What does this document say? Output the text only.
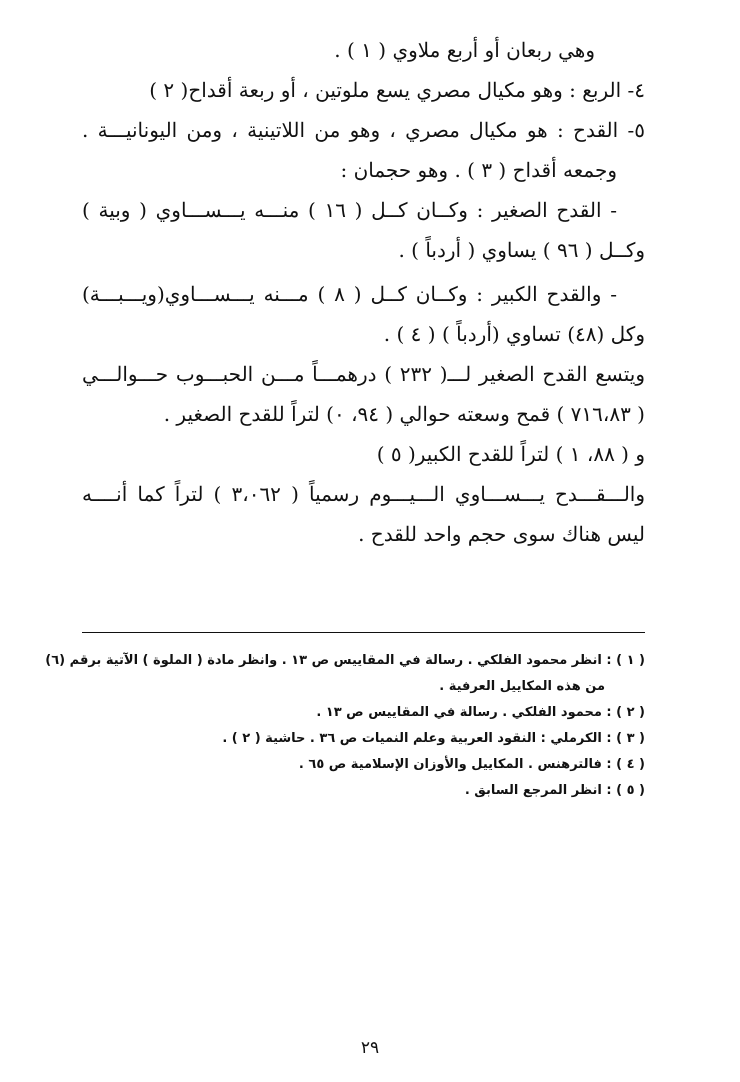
وهي ربعان أو أربع ملاوي ( ١ ) .
٤- الربع : وهو مكيال مصري يسع ملوتين ، أو ربعة أقداح( ٢ )
٥- القدح : هو مكيال مصري ، وهو من اللاتينية ، ومن اليونانيـــة .
وجمعه أقداح ( ٣ ) . وهو حجمان :
- القدح الصغير : وكــان كــل ( ١٦ ) منـــه يـــســـاوي ( وبية )
وكــل ( ٩٦ ) يساوي ( أردباً ) .
- والقدح الكبير : وكــان كــل ( ٨ ) مـــنه يـــســـاوي(ويـــبـــة)
وكل (٤٨) تساوي (أردباً ) ( ٤ ) .
ويتسع القدح الصغير لـــ( ٢٣٢ ) درهمـــاً مـــن الحبـــوب حـــوالـــي
( ٧١٦،٨٣ ) قمح وسعته حوالي ( ٩٤، ٠) لتراً للقدح الصغير .
و ( ٨٨، ١ ) لتراً للقدح الكبير( ٥ )
والـــقـــدح يـــســـاوي الـــيـــوم رسمياً ( ٣،٠٦٢ ) لتراً كما أنــــه
ليس هناك سوى حجم واحد للقدح .
( ١ ) : انظر محمود الفلكي . رسالة في المقاييس ص ١٣ . وانظر مادة ( الملوة ) الآتية برقم (٦)
من هذه المكاييل العرفية .
( ٢ ) : محمود الفلكي . رسالة في المقاييس ص ١٣ .
( ٣ ) : الكرملي : النقود العربية وعلم النميات ص ٣٦ . حاشية ( ٢ ) .
( ٤ ) : فالترهنس . المكاييل والأوزان الإسلامية ص ٦٥ .
( ٥ ) : انظر المرجع السابق .
٢٩
